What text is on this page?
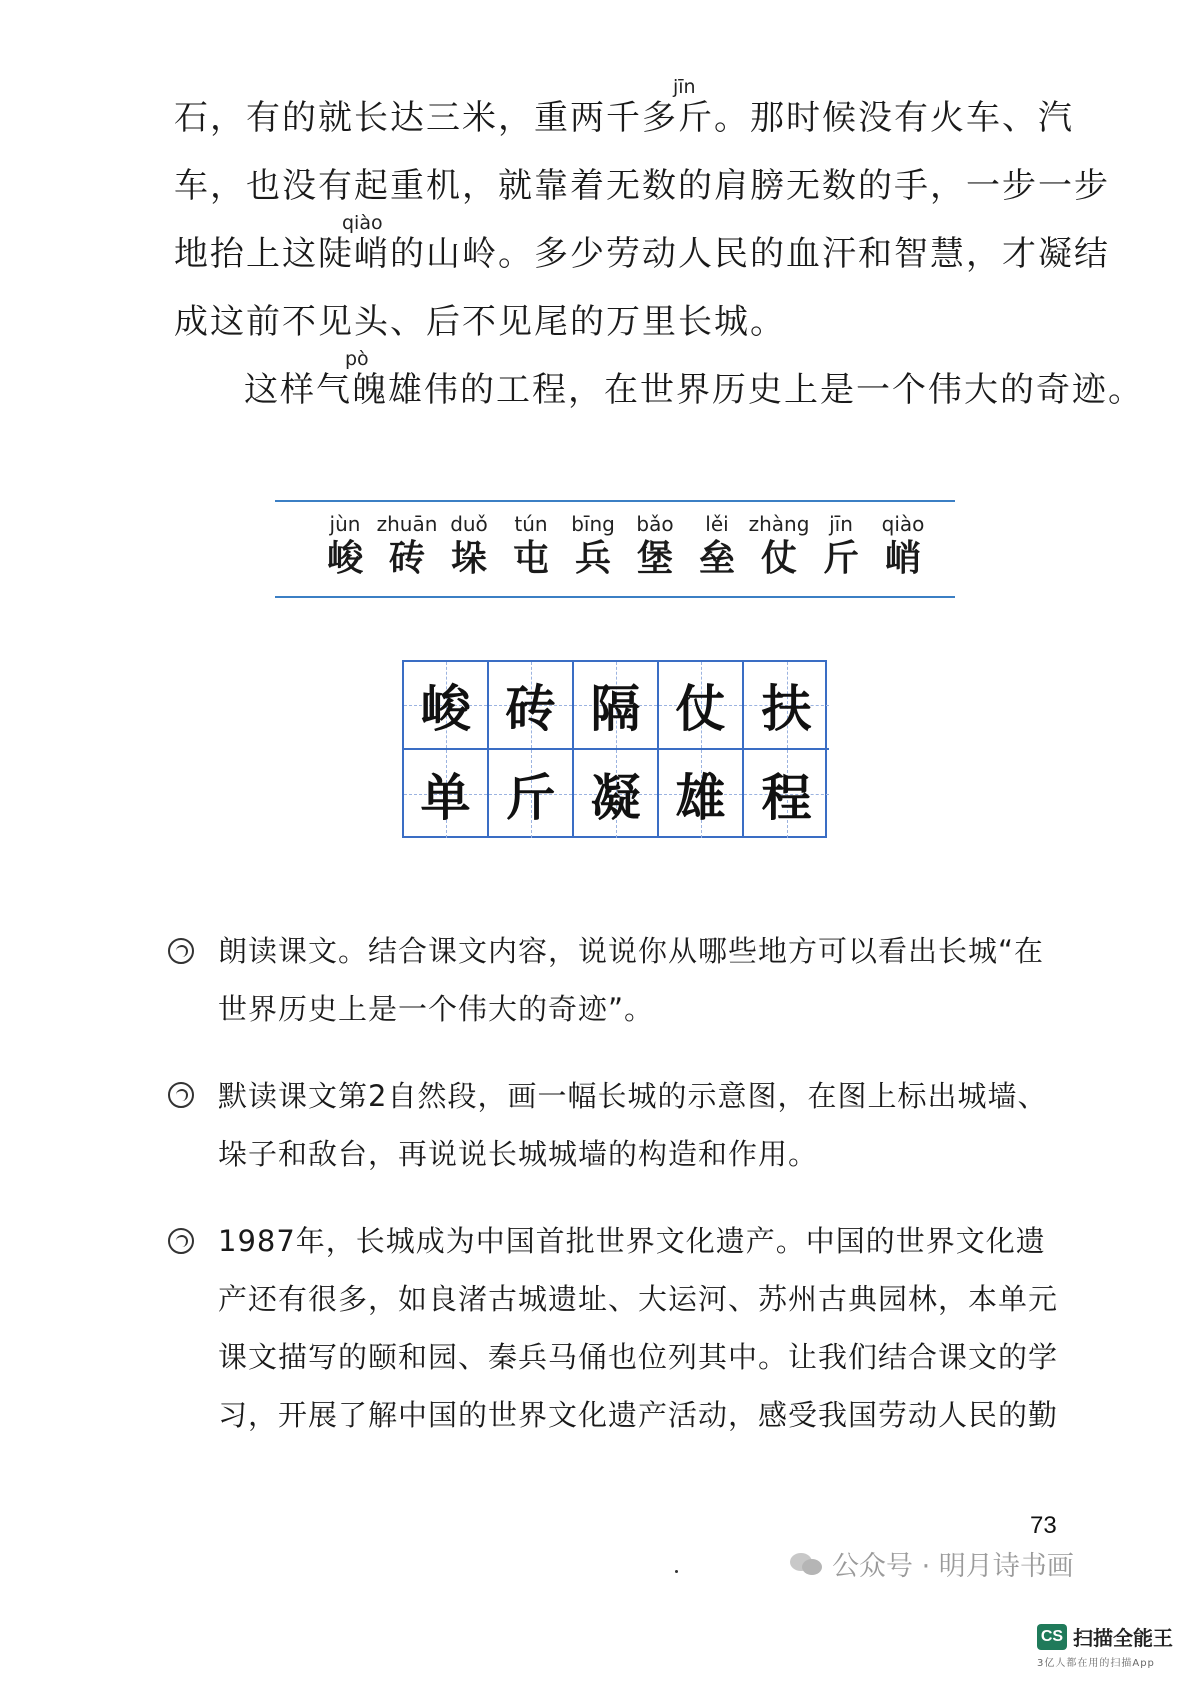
jīn
石，有的就长达三米，重两千多斤。那时候没有火车、汽
车，也没有起重机，就靠着无数的肩膀无数的手，一步一步
qiào
地抬上这陡峭的山岭。多少劳动人民的血汗和智慧，才凝结
成这前不见头、后不见尾的万里长城。
pò
这样气魄雄伟的工程，在世界历史上是一个伟大的奇迹。
jùn
峻
zhuān
砖
duǒ
垛
tún
屯
bīng
兵
bǎo
堡
lěi
垒
zhàng
仗
jīn
斤
qiào
峭
峻 砖 隔 仗 扶
单 斤 凝 雄 程
朗读课文。结合课文内容，说说你从哪些地方可以看出长城“在
世界历史上是一个伟大的奇迹”。
默读课文第2自然段，画一幅长城的示意图，在图上标出城墙、
垛子和敌台，再说说长城城墙的构造和作用。
1987年，长城成为中国首批世界文化遗产。中国的世界文化遗
产还有很多，如良渚古城遗址、大运河、苏州古典园林，本单元
课文描写的颐和园、秦兵马俑也位列其中。让我们结合课文的学
习，开展了解中国的世界文化遗产活动，感受我国劳动人民的勤
73
公众号 · 明月诗书画
CS 扫描全能王
3亿人都在用的扫描App
